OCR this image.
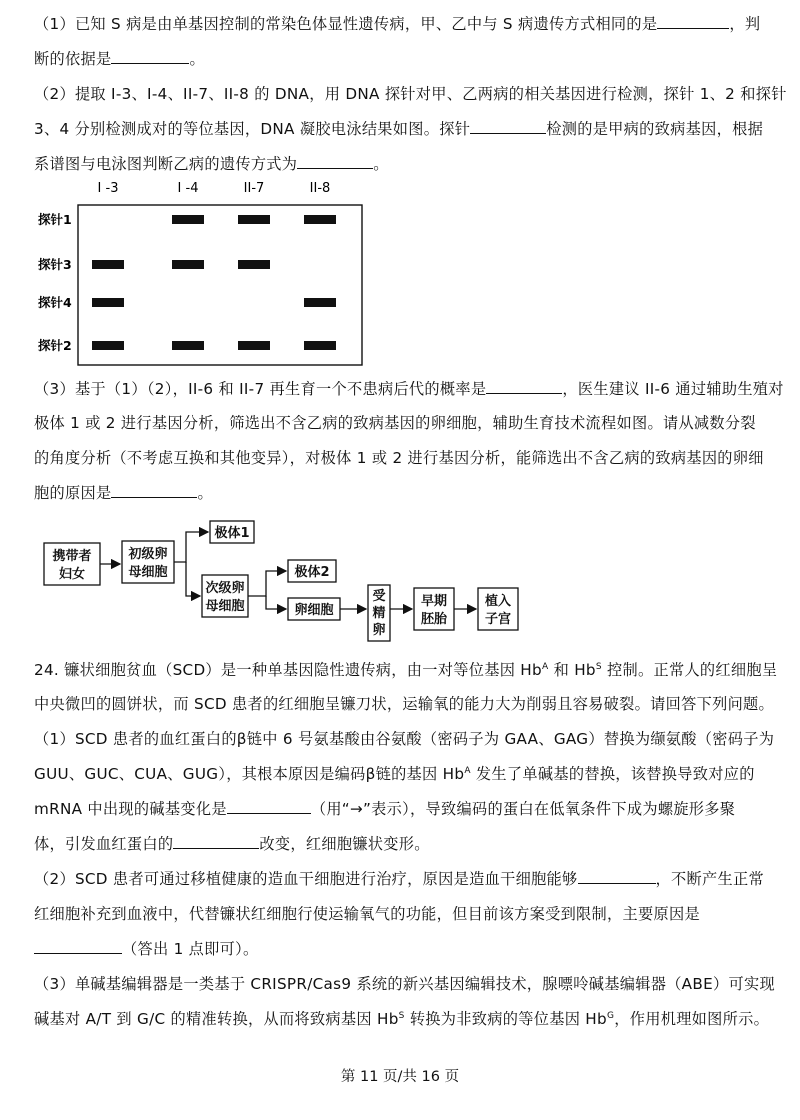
（1）已知 S 病是由单基因控制的常染色体显性遗传病，甲、乙中与 S 病遗传方式相同的是	，判
断的依据是	。
（2）提取 I-3、I-4、II-7、II-8 的 DNA，用 DNA 探针对甲、乙两病的相关基因进行检测，探针 1、2 和探针
3、4 分别检测成对的等位基因，DNA 凝胶电泳结果如图。探针	检测的是甲病的致病基因，根据
系谱图与电泳图判断乙病的遗传方式为	。
I -3	I -4	II-7	II-8
探针1
探针3
探针4
探针2
（3）基于（1）（2），II-6 和 II-7 再生育一个不患病后代的概率是	，医生建议 II-6 通过辅助生殖对
极体 1 或 2 进行基因分析，筛选出不含乙病的致病基因的卵细胞，辅助生育技术流程如图。请从减数分裂
的角度分析（不考虑互换和其他变异），对极体 1 或 2 进行基因分析，能筛选出不含乙病的致病基因的卵细
胞的原因是	。
携带者
妇女
初级卵
母细胞
极体1
次级卵
母细胞
极体2
卵细胞
受
精
卵
早期
胚胎
植入
子宫
24. 镰状细胞贫血（SCD）是一种单基因隐性遗传病，由一对等位基因 $Hb^A$ 和 $Hb^S$ 控制。正常人的红细胞呈
中央微凹的圆饼状，而 SCD 患者的红细胞呈镰刀状，运输氧的能力大为削弱且容易破裂。请回答下列问题。
（1）SCD 患者的血红蛋白的β链中 6 号氨基酸由谷氨酸（密码子为 GAA、GAG）替换为缬氨酸（密码子为
GUU、GUC、CUA、GUG），其根本原因是编码β链的基因 $Hb^A$ 发生了单碱基的替换，该替换导致对应的
mRNA 中出现的碱基变化是	（用“→”表示），导致编码的蛋白在低氧条件下成为螺旋形多聚
体，引发血红蛋白的	改变，红细胞镰状变形。
（2）SCD 患者可通过移植健康的造血干细胞进行治疗，原因是造血干细胞能够	，不断产生正常
红细胞补充到血液中，代替镰状红细胞行使运输氧气的功能，但目前该方案受到限制，主要原因是
（答出 1 点即可）。
（3）单碱基编辑器是一类基于 CRISPR/Cas9 系统的新兴基因编辑技术，腺嘌呤碱基编辑器（ABE）可实现
碱基对 A/T 到 G/C 的精准转换，从而将致病基因 $Hb^S$ 转换为非致病的等位基因 $Hb^G$，作用机理如图所示。
第 11 页/共 16 页
